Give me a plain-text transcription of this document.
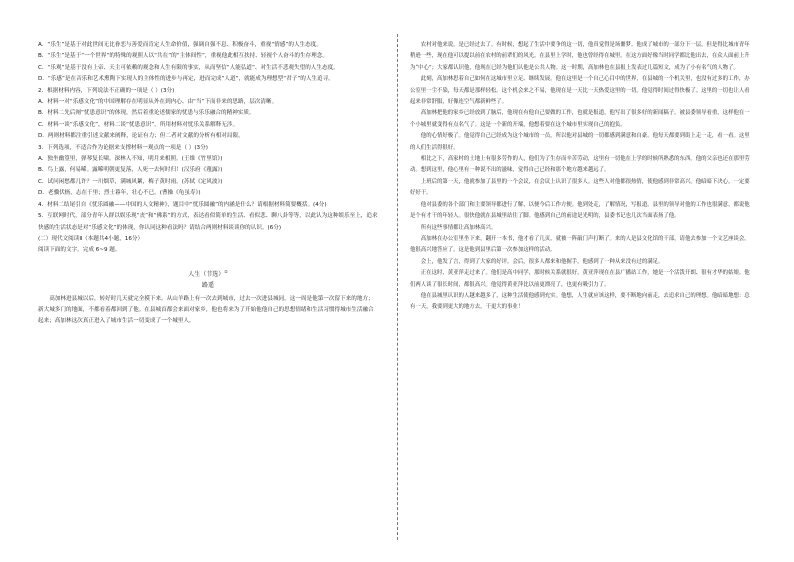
A．“乐生”是基于对此世间无比眷恋与善爱而肯定人生命价值，强调自强不息、积极奋斗，重视“情感”的人生态度。

B．“乐生”是基于“一个世界”的特殊的观照人以“共在”的“主体间性”，重视他此相互扶持、轻视个人奋斗的生存理念。

C．“乐观”是基于没有上帝、天主可依赖的观念和人生有限的事实，从而坚信“人能弘道”、对生活不悲观失望的人生态度。

D．“乐感”是在音乐和艺术熏陶下实现人的主体性的进步与再定，进而完成“人道”，就能成为理想型“君子”的人生追寻。

2．根据材料内容，下列说法不正确的一项是（ ）(3分)

A．材料一对“乐感文化”的中国理解存在明显从外在到内心、由“当”下而非来的思路，层次清晰。

B．材料二先后阐“忧患意识”的体现，然后着重论述儒家的忧患与乐乐融合的精神实质。

C．材料一谈“乐感文化”，材料二谈“忧患意识”，所用材料对忧乐关系解释无涉。

D．两则材料都注重引述文献来阐释，论证有力；但二者对文献的分析有相对局限。

3．下列选项，不适合作为论据来支撑材料一观点的一项是（ ）(3分)

A．独坐幽篁里，弹琴复长啸。深林人不知，明月来相照。(王维《竹里馆》)

B．鸟上露，何易晞。露晞明朝更复落，人死一去何时归！(汉乐府《薤露》)

C．试问闲愁都几许？一川烟草，满城风絮，梅子黄时雨。(苏轼《定风波》)

D．老骥伏枥，志在千里；烈士暮年，壮心不已。(曹操《龟虽寿》)

4．材料二结尾引自《忧乐圆融——中国的人文精神》，题目中“忧乐圆融”的内涵是什么？请根据材料简要概括。(4分)

5．互联网时代，部分青年人群以娱乐现“丧”和“佛系”的方式，表达看似简单的生活、看似悲、聊八卦等等，以此认为这种娱乐至上，追求快感的生活状态是对“乐感文化”的体现，你认同这种看法吗？请结合两则材料谈谈你的认识。(6分)

(二）现代文阅读Ⅱ（本题共4小题，16分）

阅读下面的文字，完成 6~9 题。

人生（节选）①

路遥

高加林进县城以后，转好时几天就完全摸下来。从山羊路上有一次去到城市，过去一次进县城同，这一周是他第一次留下来的地方；新大城多门的地面，不都看着都回到了他。在县城首都会来面对家乡，他也将来为了开始他他自己的思想情绪和生活习惯得城市生活融合起来；高加林这次真正进入了城市生活一切变成了一个城里人。

农村对他来说，是已经过去了。有时候，想起了生活中要争的这一切，他真觉得是场噩梦。他成了城市的一部分下一层，但是得比城市青年稍逊一些，现在他可以提以前在农村的前辈们的风光。在县里上学时，他也曾经得在城里。在这方面好像当时同学都比他出去，在众人面前上升为“中心”；大家都认识他，他现在已经为他们认他是公共人物。这一时期，高加林也在县报上发表过几篇短文，成为了小有名气的人物了。

此刻，高加林思着自己如何在这城市里立足、继续发展。他在这里是一个自己心目中的世界，在县城的一个机关里，也没有过多的工作，办公室里一尘不染，每天都是那样轻松。这个机会来之不易，他现在是一天比一天热爱这里的一切。他觉得时间过得快极了。这里的一切也让人看起来非常舒服，好像连空气都新鲜些了。

高加林把他的家乡已经放到了脑后，他现在有他自己要做的工作，也就是报道，他写出了很多好的新闻稿子，被县委领导看重，这样他在一个小城里就变得有点名气了。这是一个新的开端，他想着要在这个城市里实现自己的抱负。

他的心情好极了。他觉得自己已经成为这个城市的一员，所以他对县城的一切都感到满意和自豪。他每天都要到街上走一走，看一看。这里的人们生活得很好。

相比之下，高家村的土地上有很多劳作的人，他们为了生存而辛苦劳动，这里有一切他在上学的时候所熟悉的东西。他的父亲也还在那里劳动。想到这里，他心里有一种说不出的滋味，觉得自己已经和那个地方越来越远了。

上班后的第一天，他就参加了县里的一个会议，在会议上认识了很多人。这些人对他都很热情，使他感到非常高兴。他暗暗下决心，一定要好好干。

他对县委的各个部门和主要领导都进行了解，以便今后工作方便。他到处走，了解情况，写报道。县里的领导对他的工作也很满意，都说他是个有才干的年轻人。很快他就在县城里站住了脚。他感到自己的前途是光明的，县委书记也几次当面表扬了他。

所有这些事情都让高加林高兴。

高加林在办公室里坐下来，翻开一本书，他才看了几页，就被一阵敲门声打断了。来的人是县文化馆的干部，请他去参加一个文艺座谈会。他很高兴地答应了，这是他到县里后第一次参加这样的活动。

会上，他发了言，得到了大家的好评。会后，很多人都来和他握手，他感到了一种从来没有过的满足。

正在这时，黄亚萍走过来了。他们是高中同学，那时候关系就很好。黄亚萍现在在县广播站工作，她是一个活泼开朗、很有才华的姑娘。他们两人谈了很长时间，都很高兴。他觉得黄亚萍比以前更漂亮了，也更有吸引力了。

他在县城里认识的人越来越多了，这种生活使他感到充实。他想，人生就应该这样，要不断地向前走，去追求自己的理想。他暗暗地想：总有一天，我要到更大的地方去，干更大的事业！
